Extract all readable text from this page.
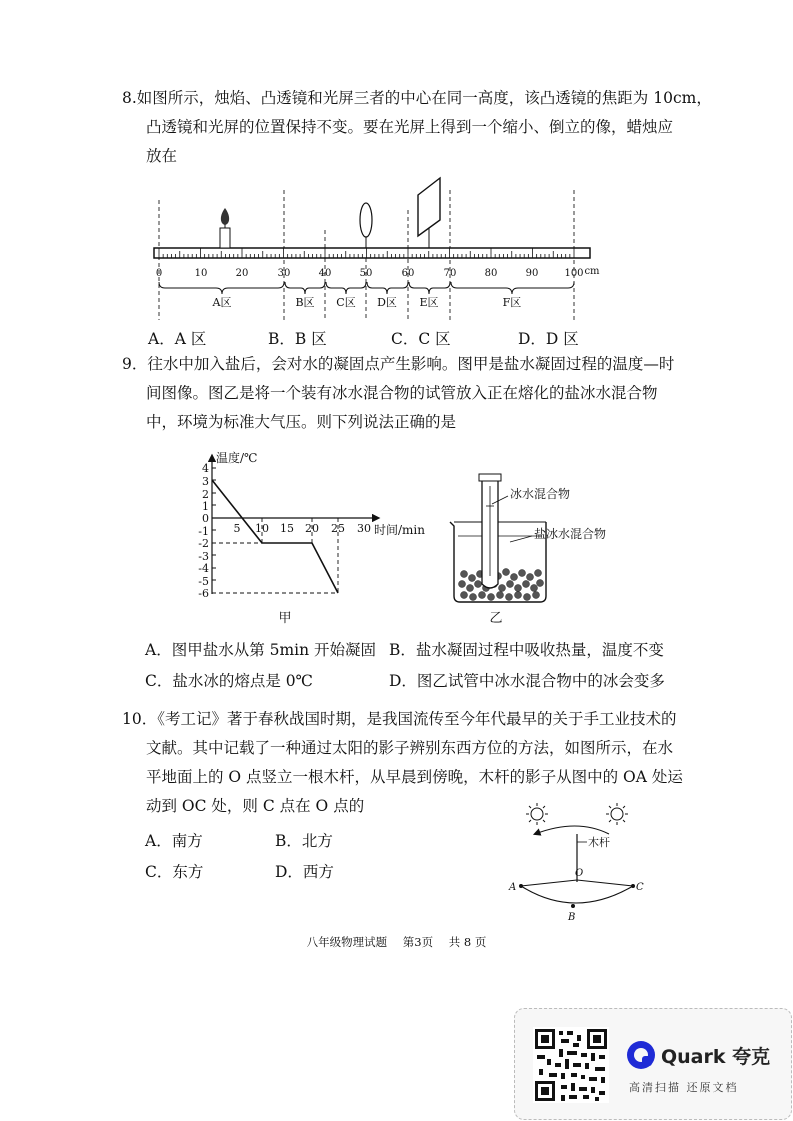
8.如图所示，烛焰、凸透镜和光屏三者的中心在同一高度，该凸透镜的焦距为 10cm，

凸透镜和光屏的位置保持不变。要在光屏上得到一个缩小、倒立的像，蜡烛应

放在

0	10	20	30	40	50	60	70	80	90	100 cm
A区	B区 C区 D区 E区	F区
A．A 区	B．B 区	C．C 区	D．D 区

9．往水中加入盐后，会对水的凝固点产生影响。图甲是盐水凝固过程的温度—时

间图像。图乙是将一个装有冰水混合物的试管放入正在熔化的盐冰水混合物

中，环境为标准大气压。则下列说法正确的是

4
3
2
1
0
-1
-2
-3
-4
-5
-6
5 10 15 20 25 30
温度/℃
时间/min
甲
冰水混合物
盐冰水混合物
乙
A．图甲盐水从第 5min 开始凝固 B．盐水凝固过程中吸收热量，温度不变
C．盐水冰的熔点是 0℃	D．图乙试管中冰水混合物中的冰会变多

10．《考工记》著于春秋战国时期，是我国流传至今年代最早的关于手工业技术的

文献。其中记载了一种通过太阳的影子辨别东西方位的方法，如图所示，在水

平地面上的 O 点竖立一根木杆，从早晨到傍晚，木杆的影子从图中的 OA 处运

动到 OC 处，则 C 点在 O 点的

A．南方	B．北方
C．东方	D．西方
木杆
A
O
C
B
八年级物理试题 第3页 共 8 页
Quark 夸克
高清扫描 还原文档
